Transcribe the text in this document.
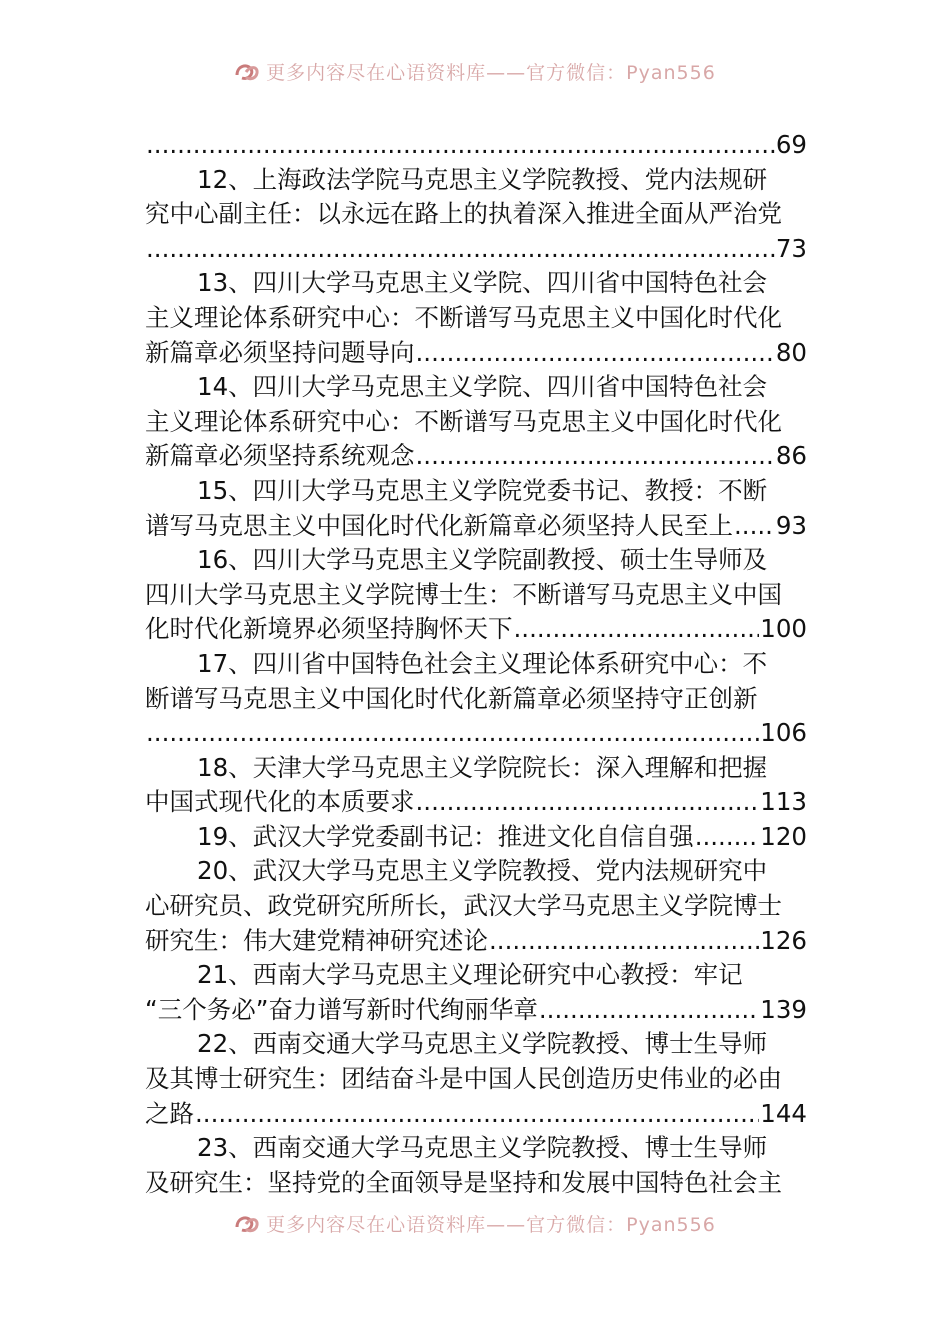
更多内容尽在心语资料库——官方微信：Pyan556
.....
69
12、上海政法学院马克思主义学院教授、党内法规研
究中心副主任：以永远在路上的执着深入推进全面从严治党
.....
73
13、四川大学马克思主义学院、四川省中国特色社会
主义理论体系研究中心：不断谱写马克思主义中国化时代化
新篇章必须坚持问题导向 .....	80
14、四川大学马克思主义学院、四川省中国特色社会
主义理论体系研究中心：不断谱写马克思主义中国化时代化
新篇章必须坚持系统观念 .....	86
15、四川大学马克思主义学院党委书记、教授：不断
谱写马克思主义中国化时代化新篇章必须坚持人民至上 ..... 93
16、四川大学马克思主义学院副教授、硕士生导师及
四川大学马克思主义学院博士生：不断谱写马克思主义中国
化时代化新境界必须坚持胸怀天下 .....	100
17、四川省中国特色社会主义理论体系研究中心：不
断谱写马克思主义中国化时代化新篇章必须坚持守正创新
.....
106
18、天津大学马克思主义学院院长：深入理解和把握
中国式现代化的本质要求 .....	113
19、武汉大学党委副书记：推进文化自信自强 .....	120
20、武汉大学马克思主义学院教授、党内法规研究中
心研究员、政党研究所所长，武汉大学马克思主义学院博士
研究生：伟大建党精神研究述论 .....	126
21、西南大学马克思主义理论研究中心教授：牢记
“三个务必”奋力谱写新时代绚丽华章 .....	139
22、西南交通大学马克思主义学院教授、博士生导师
及其博士研究生：团结奋斗是中国人民创造历史伟业的必由
之路 .....	144
23、西南交通大学马克思主义学院教授、博士生导师
及研究生：坚持党的全面领导是坚持和发展中国特色社会主
更多内容尽在心语资料库——官方微信：Pyan556
